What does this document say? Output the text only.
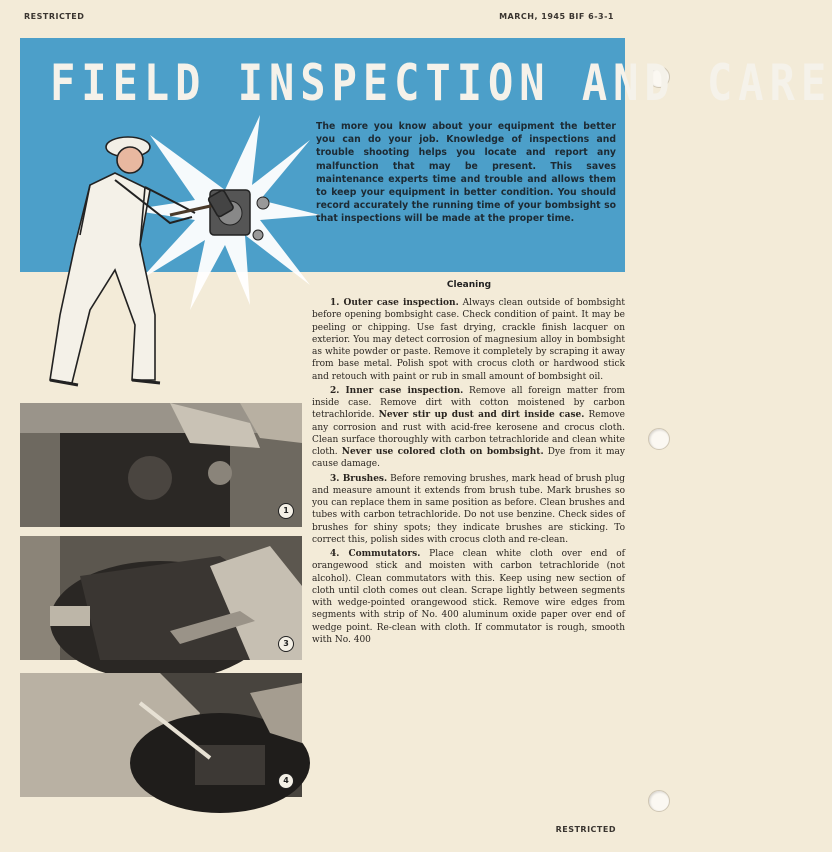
RESTRICTED	MARCH, 1945 BIF 6-3-1
FIELD INSPECTION AND CARE

The more you know about your equipment the better you can do your job. Knowledge of inspections and trouble shooting helps you locate and report any malfunction that may be present. This saves maintenance experts time and trouble and allows them to keep your equipment in better condition. You should record accurately the running time of your bombsight so that inspections will be made at the proper time.

Cleaning

1. Outer case inspection. Always clean outside of bombsight before opening bombsight case. Check condition of paint. It may be peeling or chipping. Use fast drying, crackle finish lacquer on exterior. You may detect corrosion of magnesium alloy in bombsight as white powder or paste. Remove it completely by scraping it away from base metal. Polish spot with crocus cloth or hardwood stick and retouch with paint or rub in small amount of bombsight oil.

2. Inner case inspection. Remove all foreign matter from inside case. Remove dirt with cotton moistened by carbon tetrachloride. Never stir up dust and dirt inside case. Remove any corrosion and rust with acid-free kerosene and crocus cloth. Clean surface thoroughly with carbon tetrachloride and clean white cloth. Never use colored cloth on bombsight. Dye from it may cause damage.

3. Brushes. Before removing brushes, mark head of brush plug and measure amount it extends from brush tube. Mark brushes so you can replace them in same position as before. Clean brushes and tubes with carbon tetrachloride. Do not use benzine. Check sides of brushes for shiny spots; they indicate brushes are sticking. To correct this, polish sides with crocus cloth and re-clean.

4. Commutators. Place clean white cloth over end of orangewood stick and moisten with carbon tetrachloride (not alcohol). Clean commutators with this. Keep using new section of cloth until cloth comes out clean. Scrape lightly between segments with wedge-pointed orangewood stick. Remove wire edges from segments with strip of No. 400 aluminum oxide paper over end of wedge point. Re-clean with cloth. If commutator is rough, smooth with No. 400

1
3
4
RESTRICTED
